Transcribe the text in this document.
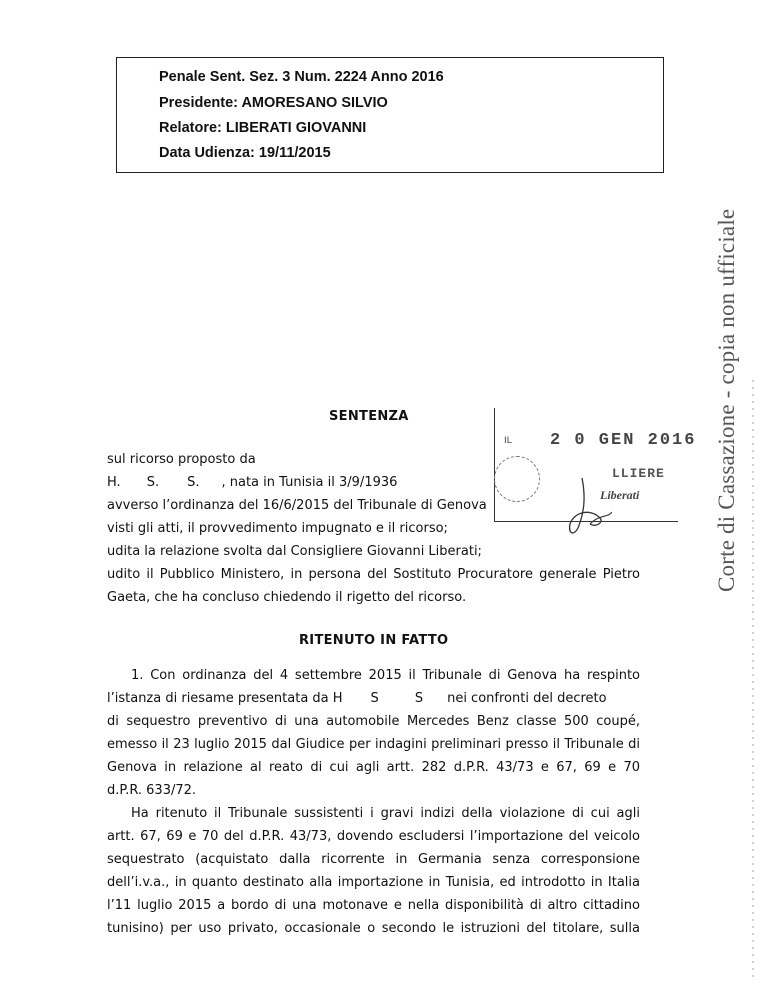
Penale Sent. Sez. 3 Num. 2224 Anno 2016
Presidente: AMORESANO SILVIO
Relatore: LIBERATI GIOVANNI
Data Udienza: 19/11/2015
Corte di Cassazione - copia non ufficiale
IL 2 0 GEN 2016
LLIERE
Liberati
SENTENZA
sul ricorso proposto da
H. S. S. , nata in Tunisia il 3/9/1936
avverso l’ordinanza del 16/6/2015 del Tribunale di Genova
visti gli atti, il provvedimento impugnato e il ricorso;
udita la relazione svolta dal Consigliere Giovanni Liberati;
udito il Pubblico Ministero, in persona del Sostituto Procuratore generale Pietro
Gaeta, che ha concluso chiedendo il rigetto del ricorso.
RITENUTO IN FATTO
1. Con ordinanza del 4 settembre 2015 il Tribunale di Genova ha respinto
l’istanza di riesame presentata da H S	S nei confronti del decreto
di sequestro preventivo di una automobile Mercedes Benz classe 500 coupé,
emesso il 23 luglio 2015 dal Giudice per indagini preliminari presso il Tribunale di
Genova in relazione al reato di cui agli artt. 282 d.P.R. 43/73 e 67, 69 e 70
d.P.R. 633/72.
Ha ritenuto il Tribunale sussistenti i gravi indizi della violazione di cui agli
artt. 67, 69 e 70 del d.P.R. 43/73, dovendo escludersi l’importazione del veicolo
sequestrato (acquistato dalla ricorrente in Germania senza corresponsione
dell’i.v.a., in quanto destinato alla importazione in Tunisia, ed introdotto in Italia
l’11 luglio 2015 a bordo di una motonave e nella disponibilità di altro cittadino
tunisino) per uso privato, occasionale o secondo le istruzioni del titolare, sulla
